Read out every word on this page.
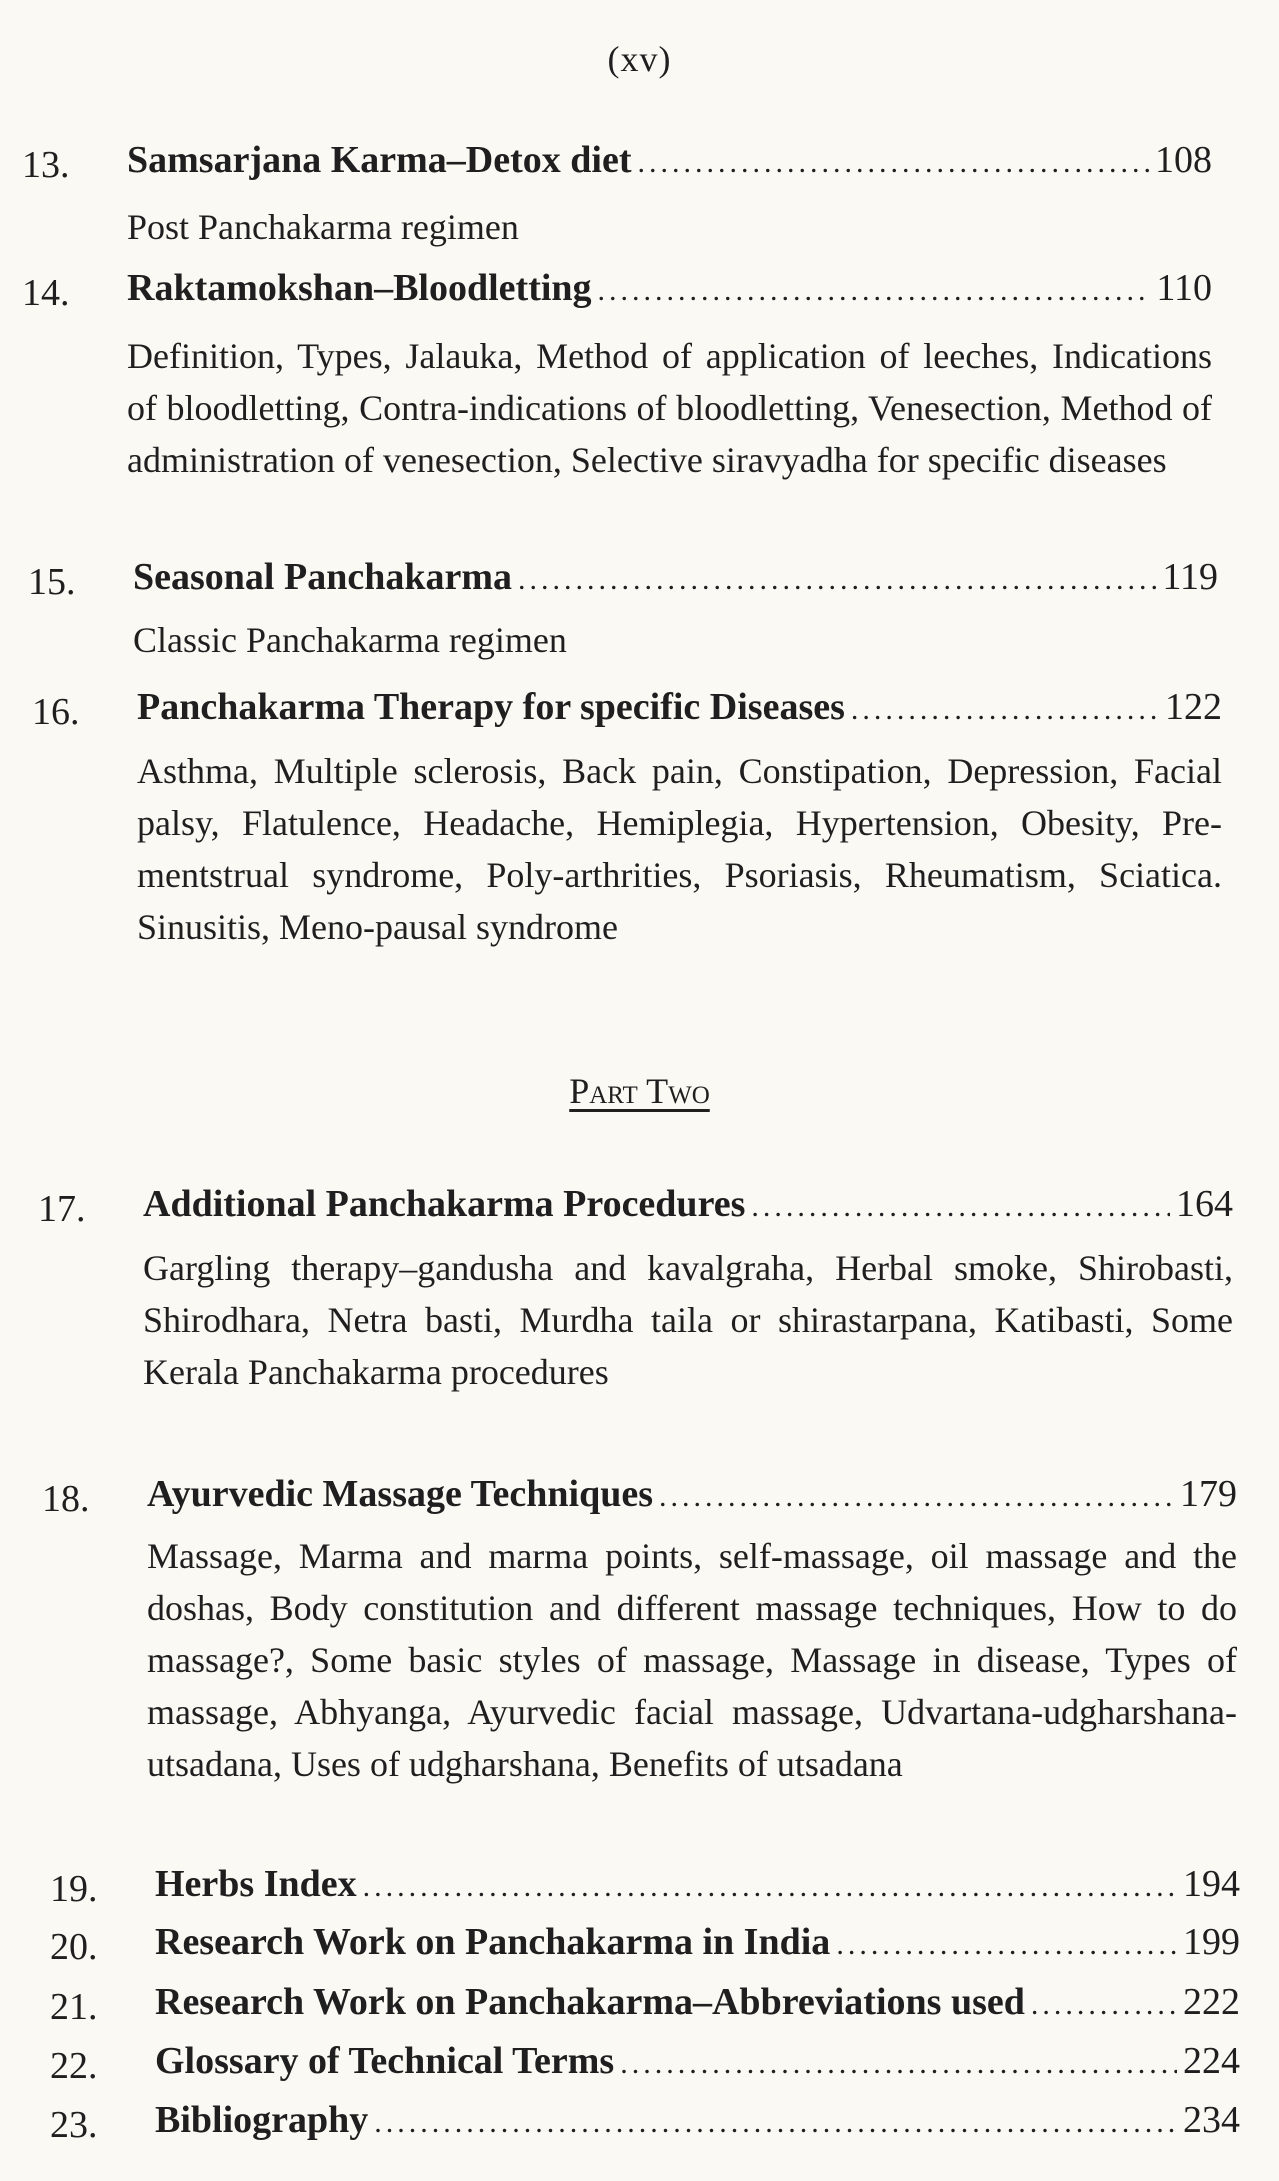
(xv)
13.	Samsarjana Karma–Detox diet .....	108
Post Panchakarma regimen
14.	Raktamokshan–Bloodletting .....	110
Definition, Types, Jalauka, Method of application of leeches, Indications of bloodletting, Contra-indications of bloodletting, Venesection, Method of administration of venesection, Selective siravyadha for specific diseases
15.	Seasonal Panchakarma .....	119
Classic Panchakarma regimen
16.	Panchakarma Therapy for specific Diseases .....	122
Asthma, Multiple sclerosis, Back pain, Constipation, Depression, Facial palsy, Flatulence, Headache, Hemiplegia, Hypertension, Obesity, Pre-mentstrual syndrome, Poly-arthrities, Psoriasis, Rheumatism, Sciatica. Sinusitis, Meno-pausal syndrome
Part Two
17.	Additional Panchakarma Procedures .....	164
Gargling therapy–gandusha and kavalgraha, Herbal smoke, Shirobasti, Shirodhara, Netra basti, Murdha taila or shirastarpana, Katibasti, Some Kerala Panchakarma procedures
18.	Ayurvedic Massage Techniques .....	179
Massage, Marma and marma points, self-massage, oil massage and the doshas, Body constitution and different massage techniques, How to do massage?, Some basic styles of massage, Massage in disease, Types of massage, Abhyanga, Ayurvedic facial massage, Udvartana-udgharshana-utsadana, Uses of udgharshana, Benefits of utsadana
19.	Herbs Index .....	194
20.	Research Work on Panchakarma in India .....	199
21.	Research Work on Panchakarma–Abbreviations used .....	222
22.	Glossary of Technical Terms .....	224
23.	Bibliography .....	234
